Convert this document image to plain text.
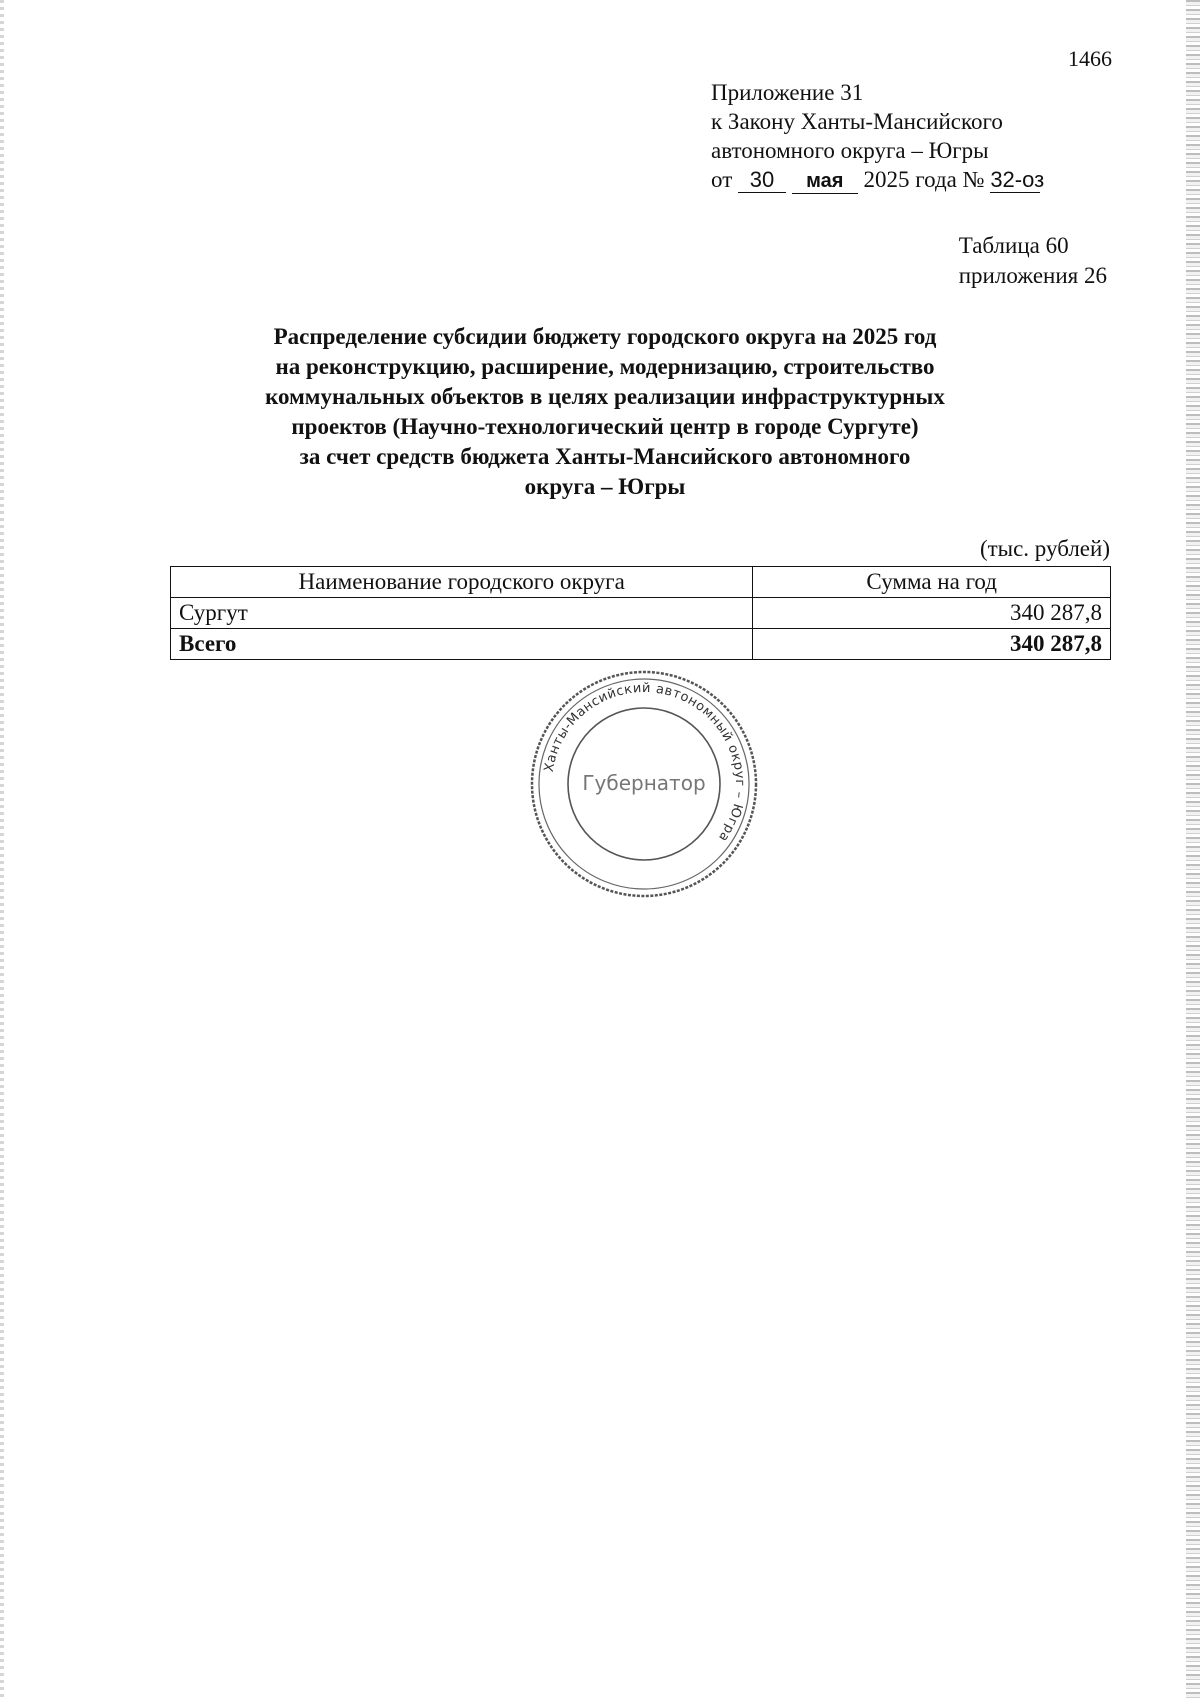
1466
Приложение 31
к Закону Ханты-Мансийского
автономного округа – Югры
от 30 мая 2025 года № 32-оз
Таблица 60
приложения 26
Распределение субсидии бюджету городского округа на 2025 год
на реконструкцию, расширение, модернизацию, строительство
коммунальных объектов в целях реализации инфраструктурных
проектов (Научно-технологический центр в городе Сургуте)
за счет средств бюджета Ханты-Мансийского автономного
округа – Югры
(тыс. рублей)
Наименование городского округа	Сумма на год
Сургут	340 287,8
Всего	340 287,8
Ханты-Мансийский автономный округ – Югра
Губернатор
